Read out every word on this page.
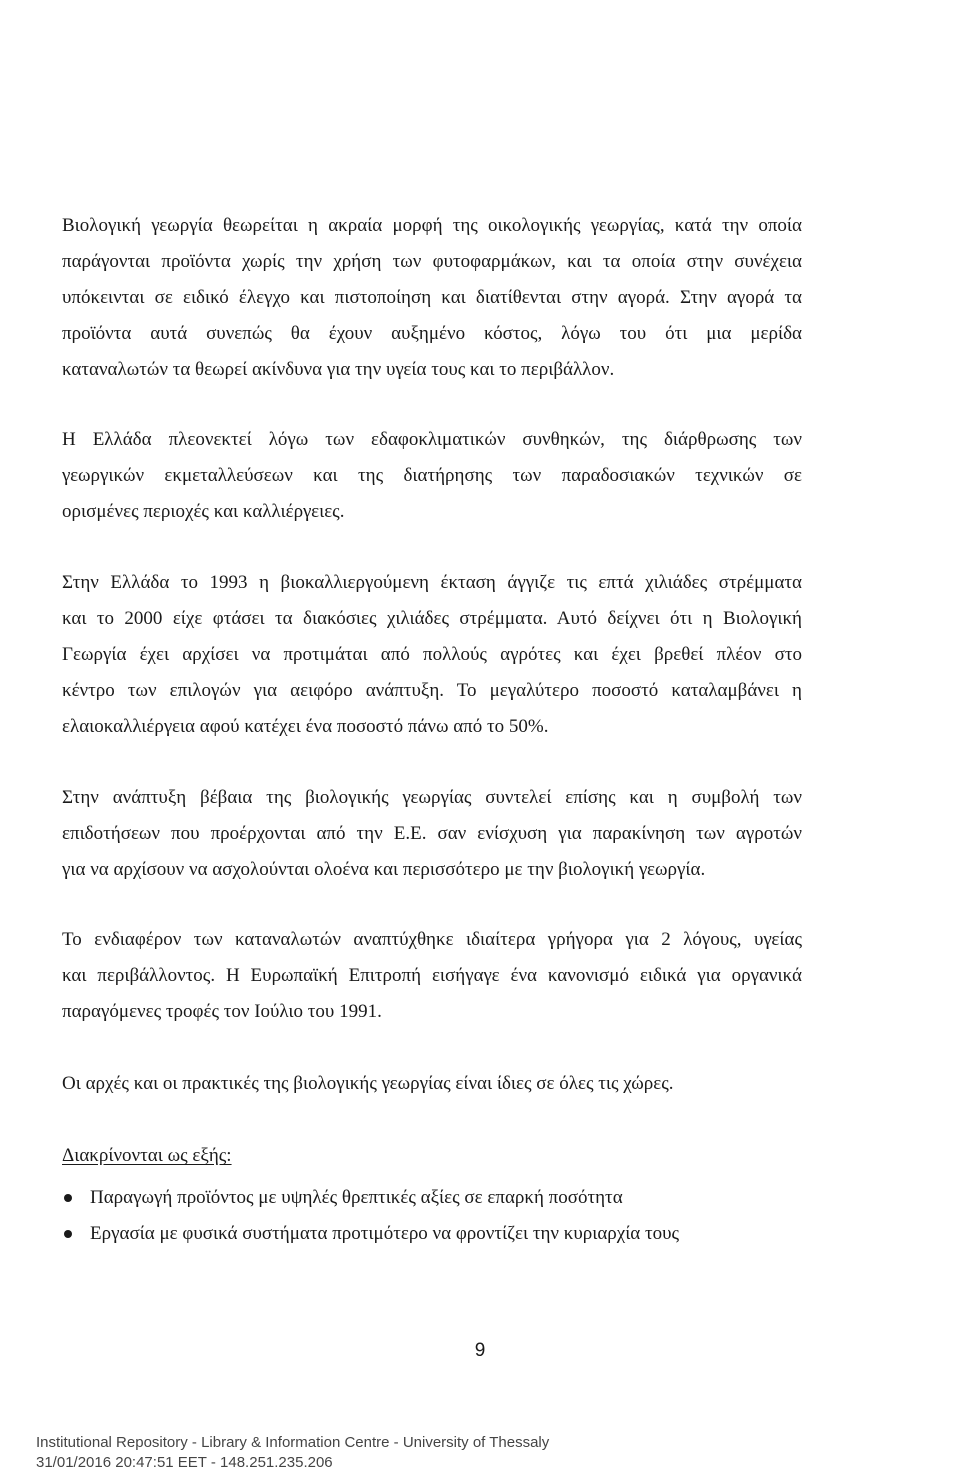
Βιολογική γεωργία θεωρείται η ακραία μορφή της οικολογικής γεωργίας, κατά την οποία
παράγονται προϊόντα χωρίς την χρήση των φυτοφαρμάκων, και τα οποία στην συνέχεια
υπόκεινται σε ειδικό έλεγχο και πιστοποίηση και διατίθενται στην αγορά. Στην αγορά τα
προϊόντα αυτά συνεπώς θα έχουν αυξημένο κόστος, λόγω του ότι μια μερίδα
καταναλωτών τα θεωρεί ακίνδυνα για την υγεία τους και το περιβάλλον.

Η Ελλάδα πλεονεκτεί λόγω των εδαφοκλιματικών συνθηκών, της διάρθρωσης των
γεωργικών εκμεταλλεύσεων και της διατήρησης των παραδοσιακών τεχνικών σε
ορισμένες περιοχές και καλλιέργειες.

Στην Ελλάδα το 1993 η βιοκαλλιεργούμενη έκταση άγγιζε τις επτά χιλιάδες στρέμματα
και το 2000 είχε φτάσει τα διακόσιες χιλιάδες στρέμματα. Αυτό δείχνει ότι η Βιολογική
Γεωργία έχει αρχίσει να προτιμάται από πολλούς αγρότες και έχει βρεθεί πλέον στο
κέντρο των επιλογών για αειφόρο ανάπτυξη. Το μεγαλύτερο ποσοστό καταλαμβάνει η
ελαιοκαλλιέργεια αφού κατέχει ένα ποσοστό πάνω από το 50%.

Στην ανάπτυξη βέβαια της βιολογικής γεωργίας συντελεί επίσης και η συμβολή των
επιδοτήσεων που προέρχονται από την Ε.Ε. σαν ενίσχυση για παρακίνηση των αγροτών
για να αρχίσουν να ασχολούνται ολοένα και περισσότερο με την βιολογική γεωργία.

Το ενδιαφέρον των καταναλωτών αναπτύχθηκε ιδιαίτερα γρήγορα για 2 λόγους, υγείας
και περιβάλλοντος. Η Ευρωπαϊκή Επιτροπή εισήγαγε ένα κανονισμό ειδικά για οργανικά
παραγόμενες τροφές τον Ιούλιο του 1991.

Οι αρχές και οι πρακτικές της βιολογικής γεωργίας είναι ίδιες σε όλες τις χώρες.

Διακρίνονται ως εξής:

Παραγωγή προϊόντος με υψηλές θρεπτικές αξίες σε επαρκή ποσότητα
Εργασία με φυσικά συστήματα προτιμότερο να φροντίζει την κυριαρχία τους
9
Institutional Repository - Library & Information Centre - University of Thessaly
31/01/2016 20:47:51 EET - 148.251.235.206
